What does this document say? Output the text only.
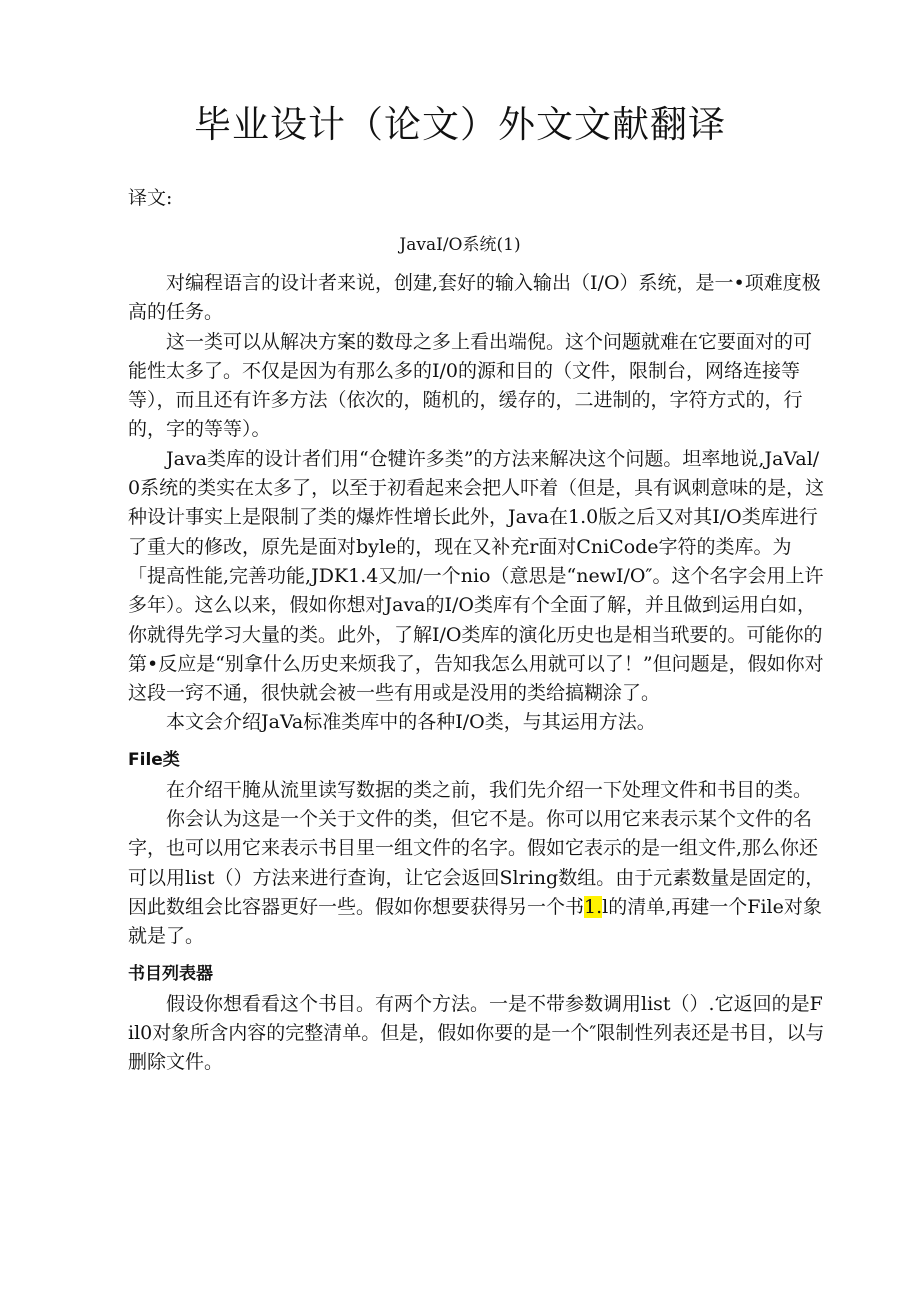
毕业设计（论文）外文文献翻译
译文:
JavaI/O系统(1)

对编程语言的设计者来说，创建,套好的输入输出（I/O）系统，是一•项难度极高的任务。

这一类可以从解决方案的数母之多上看出端倪。这个问题就难在它要面对的可能性太多了。不仅是因为有那么多的I/0的源和目的（文件，限制台，网络连接等等），而且还有许多方法（依次的，随机的，缓存的，二进制的，字符方式的，行的，字的等等）。

Java类库的设计者们用“仓犍许多类”的方法来解决这个问题。坦率地说,JaVal/0系统的类实在太多了，以至于初看起来会把人吓着（但是，具有讽刺意味的是，这种设计事实上是限制了类的爆炸性增长此外，Java在1.0版之后又对其I/O类库进行了重大的修改，原先是面对byle的，现在又补充r面对CniCode字符的类库。为「提高性能,完善功能,JDK1.4又加/一个nio（意思是“newI/O″。这个名字会用上许多年）。这么以来，假如你想对Java的I/O类库有个全面了解，并且做到运用白如，你就得先学习大量的类。此外，了解I/O类库的演化历史也是相当玳要的。可能你的第•反应是“别拿什么历史来烦我了，告知我怎么用就可以了！”但问题是，假如你对这段一窍不通，很快就会被一些有用或是没用的类给搞糊涂了。

本文会介绍JaVa标准类库中的各种I/O类，与其运用方法。

File类

在介绍干腌从流里读写数据的类之前，我们先介绍一下处理文件和书目的类。

你会认为这是一个关于文件的类，但它不是。你可以用它来表示某个文件的名字，也可以用它来表示书目里一组文件的名字。假如它表示的是一组文件,那么你还可以用list（）方法来进行查询，让它会返回Slring数组。由于元素数量是固定的，因此数组会比容器更好一些。假如你想要获得另一个书1.l的清单,再建一个File对象就是了。

书目列表器

假设你想看看这个书目。有两个方法。一是不带参数调用list（）.它返回的是Fil0对象所含内容的完整清单。但是，假如你要的是一个″限制性列表还是书目，以与删除文件。
